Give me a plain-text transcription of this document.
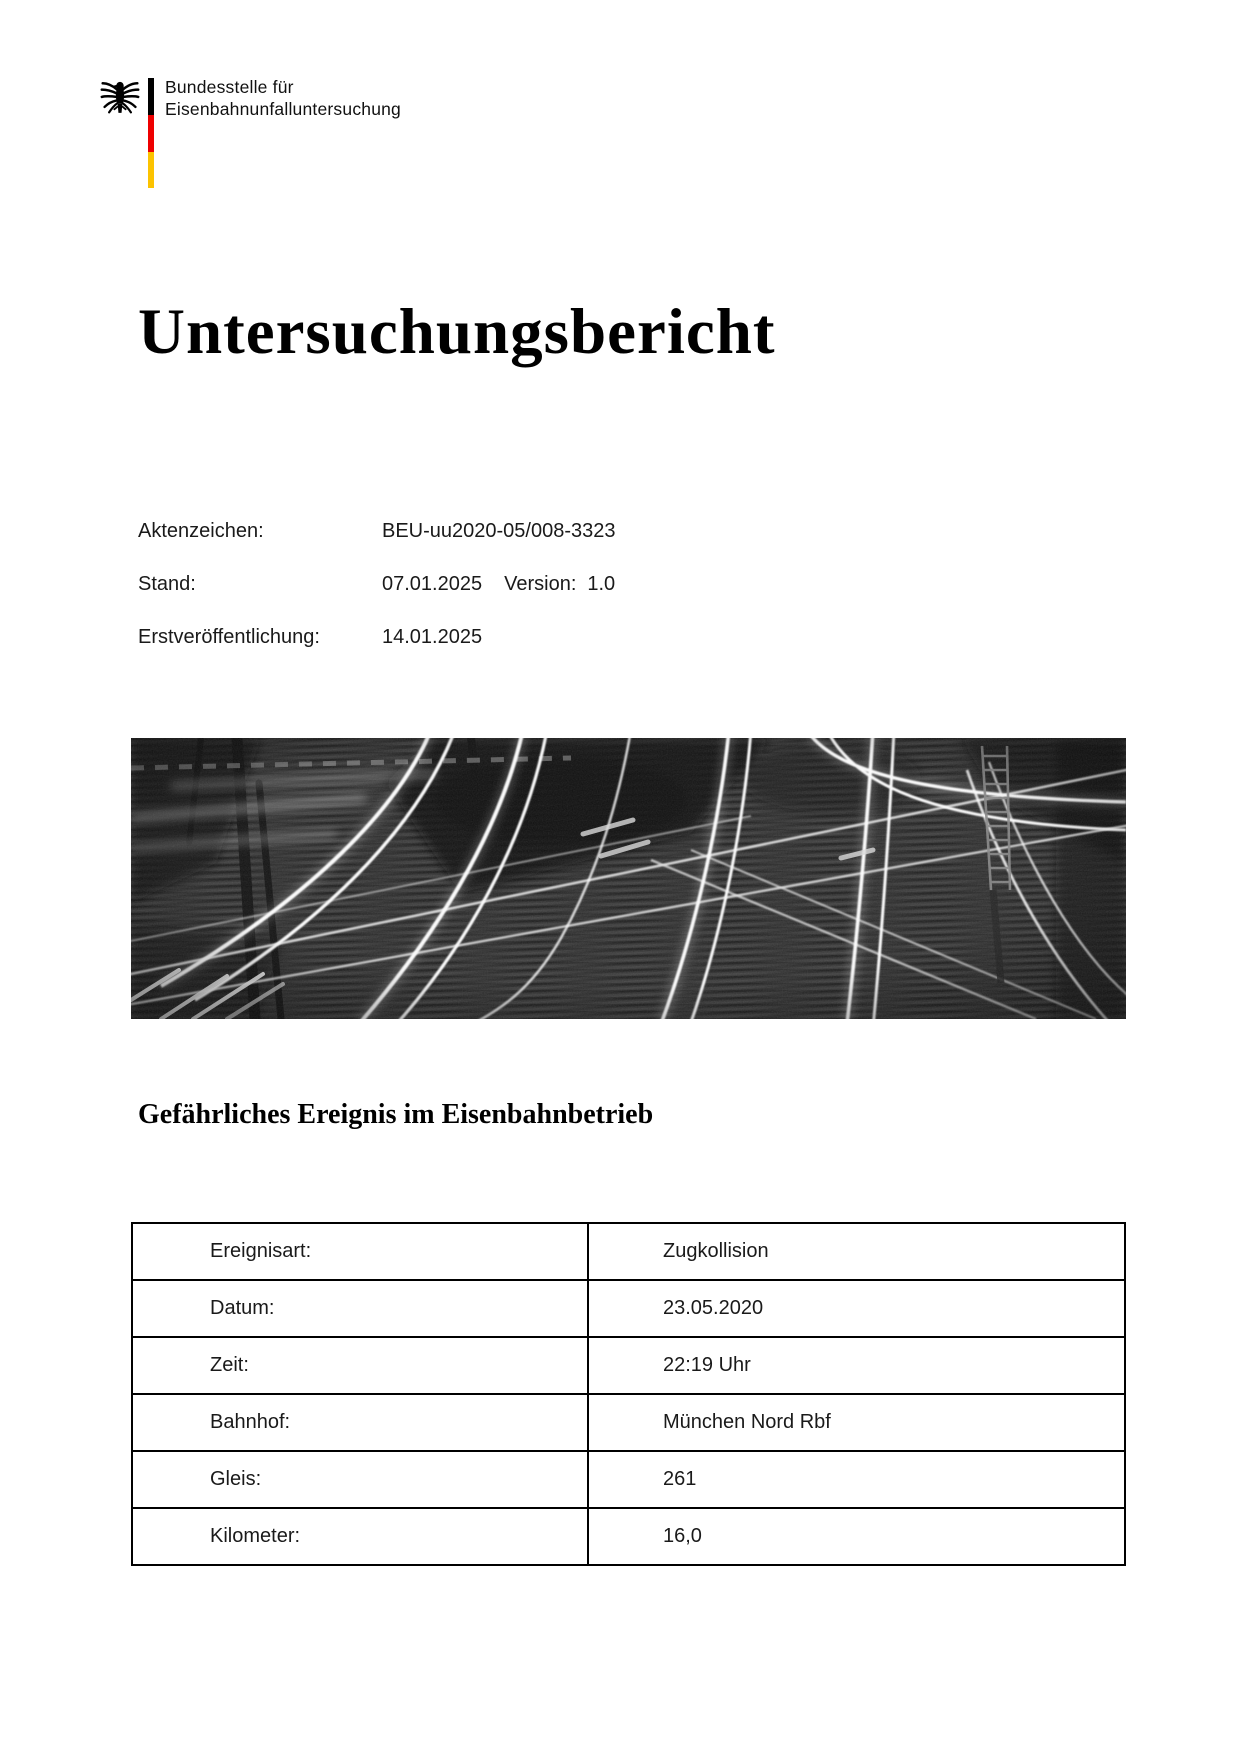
Bundesstelle für
Eisenbahnunfalluntersuchung
Untersuchungsbericht
Aktenzeichen:	BEU-uu2020-05/008-3323
Stand:	07.01.2025 Version: 1.0
Erstveröffentlichung:	14.01.2025
Gefährliches Ereignis im Eisenbahnbetrieb
Ereignisart:	Zugkollision
Datum:	23.05.2020
Zeit:	22:19 Uhr
Bahnhof:	München Nord Rbf
Gleis:	261
Kilometer:	16,0
